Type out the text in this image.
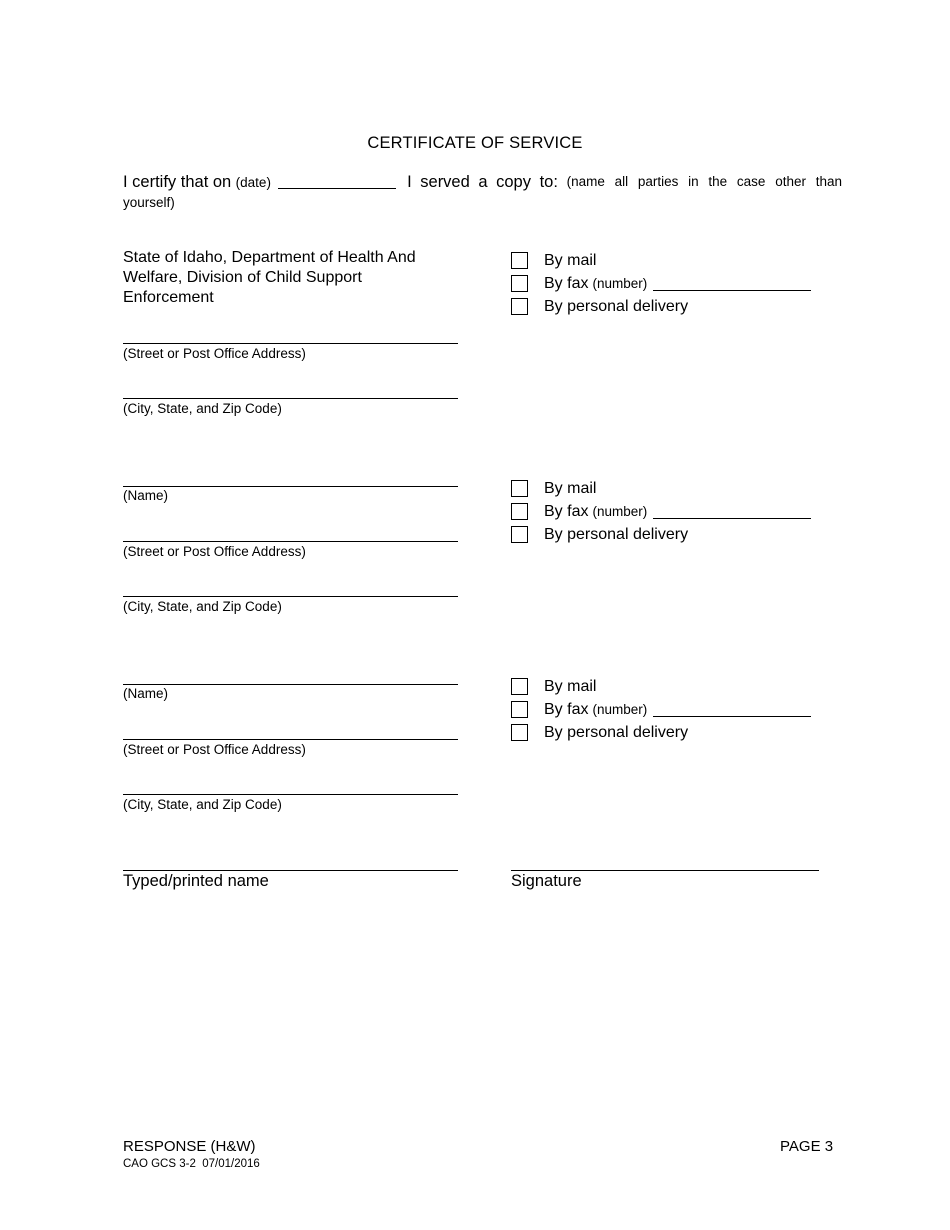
CERTIFICATE OF SERVICE
I certify that on (date)	I served a copy to: (name all parties in the case other than
yourself)
State of Idaho, Department of Health And Welfare, Division of Child Support Enforcement
(Street or Post Office Address)
(City, State, and Zip Code)
By mail
By fax (number)
By personal delivery
(Name)
(Street or Post Office Address)
(City, State, and Zip Code)
By mail
By fax (number)
By personal delivery
(Name)
(Street or Post Office Address)
(City, State, and Zip Code)
By mail
By fax (number)
By personal delivery
Typed/printed name	Signature
RESPONSE (H&W)
CAO GCS 3-2  07/01/2016
PAGE 3
